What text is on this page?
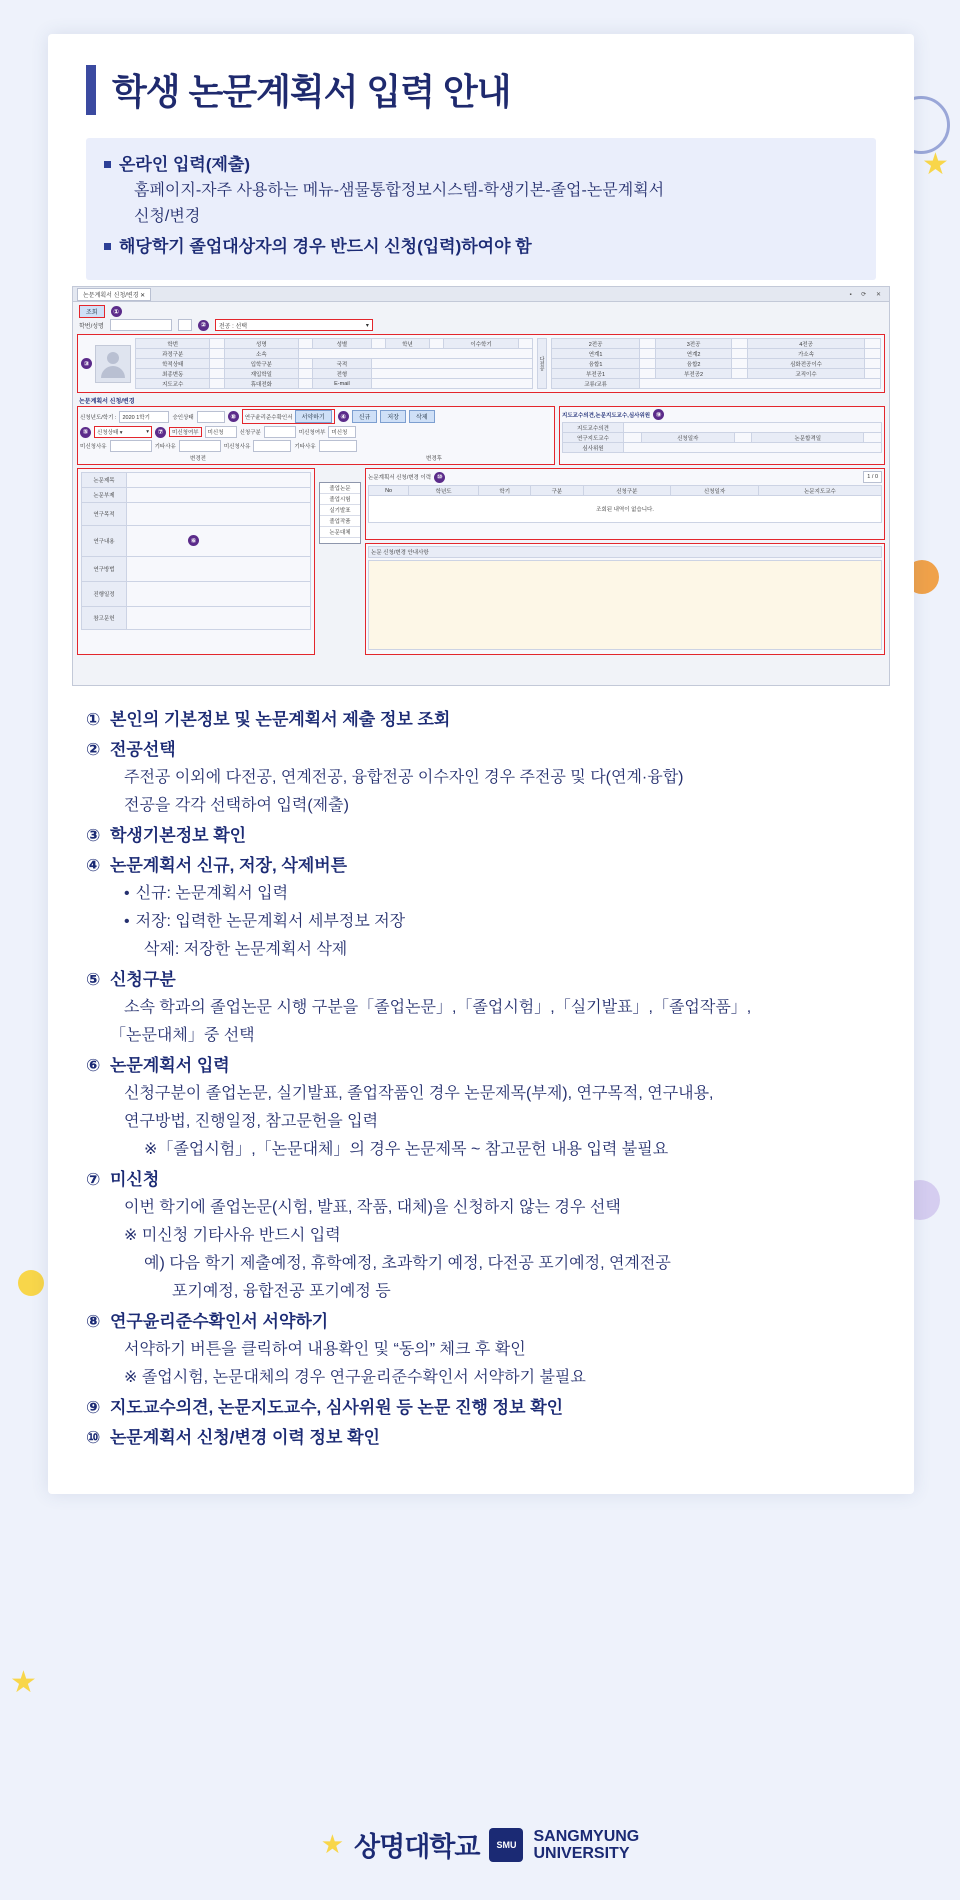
★
★
학생 논문계획서 입력 안내
온라인 입력(제출)
홈페이지-자주 사용하는 메뉴-샘물통합정보시스템-학생기본-졸업-논문계획서
신청/변경
해당학기 졸업대상자의 경우 반드시 신청(입력)하여야 함
논문계획서 신청/변경 ✕	▪ ⟳ ✕
조회	①
학번/성명	②	전공 : 선택	▾
③
학번		성명		성별		학년		이수학기	
과정구분		소속							
학적상태		입학구분		국적					
최종변동		재입학일		전형					
지도교수		휴대전화		E-mail					
다전공
2전공		3전공		4전공	
연계1		연계2		가소속	
융합1		융합2		심화전공이수	
부전공1		부전공2		교직이수	
교류/교류					
논문계획서 신청/변경
신청년도/학기 :	2020 1학기	승인상태	⑧	연구윤리준수확인서	서약하기	④	신규	저장	삭제
⑤	신청상태 ▾	▾	⑦	미신청여부	미신청	신청구분	미신청여부	미신청
미신청사유	기타사유	미신청사유	기타사유
변경전	변경후
지도교수의견,논문지도교수,심사위원 ⑨
지도교수의견					
연구지도교수		신청일자		논문합격일	
심사위원					
논문제목	
논문부제	
연구목적	
연구내용	
연구방법	
진행일정	
참고문헌	
⑥
졸업논문
졸업시험
실기발표
졸업작품
논문대체
논문계획서 신청/변경 이력 ⑩	1 / 0
No	학년도	학기	구분	신청구분	신청일자	논문지도교수
조회된 내역이 없습니다.
논문 신청/변경 안내사항
① 본인의 기본정보 및 논문계획서 제출 정보 조회
② 전공선택
주전공 이외에 다전공, 연계전공, 융합전공 이수자인 경우 주전공 및 다(연계·융합)
전공을 각각 선택하여 입력(제출)
③ 학생기본정보 확인
④ 논문계획서 신규, 저장, 삭제버튼
• 신규: 논문계획서 입력
• 저장: 입력한 논문계획서 세부정보 저장
삭제: 저장한 논문계획서 삭제
⑤ 신청구분
소속 학과의 졸업논문 시행 구분을「졸업논문」,「졸업시험」,「실기발표」,「졸업작품」,
「논문대체」중 선택
⑥ 논문계획서 입력
신청구분이 졸업논문, 실기발표, 졸업작품인 경우 논문제목(부제), 연구목적, 연구내용,
연구방법, 진행일정, 참고문헌을 입력
※「졸업시험」,「논문대체」의 경우 논문제목 ~ 참고문헌 내용 입력 불필요
⑦ 미신청
이번 학기에 졸업논문(시험, 발표, 작품, 대체)을 신청하지 않는 경우 선택
※ 미신청 기타사유 반드시 입력
예) 다음 학기 제출예정, 휴학예정, 초과학기 예정, 다전공 포기예정, 연계전공
포기예정, 융합전공 포기예정 등
⑧ 연구윤리준수확인서 서약하기
서약하기 버튼을 클릭하여 내용확인 및 “동의” 체크 후 확인
※ 졸업시험, 논문대체의 경우 연구윤리준수확인서 서약하기 불필요
⑨ 지도교수의견, 논문지도교수, 심사위원 등 논문 진행 정보 확인
⑩ 논문계획서 신청/변경 이력 정보 확인
★ 상명대학교	SMU	SANGMYUNG
UNIVERSITY
